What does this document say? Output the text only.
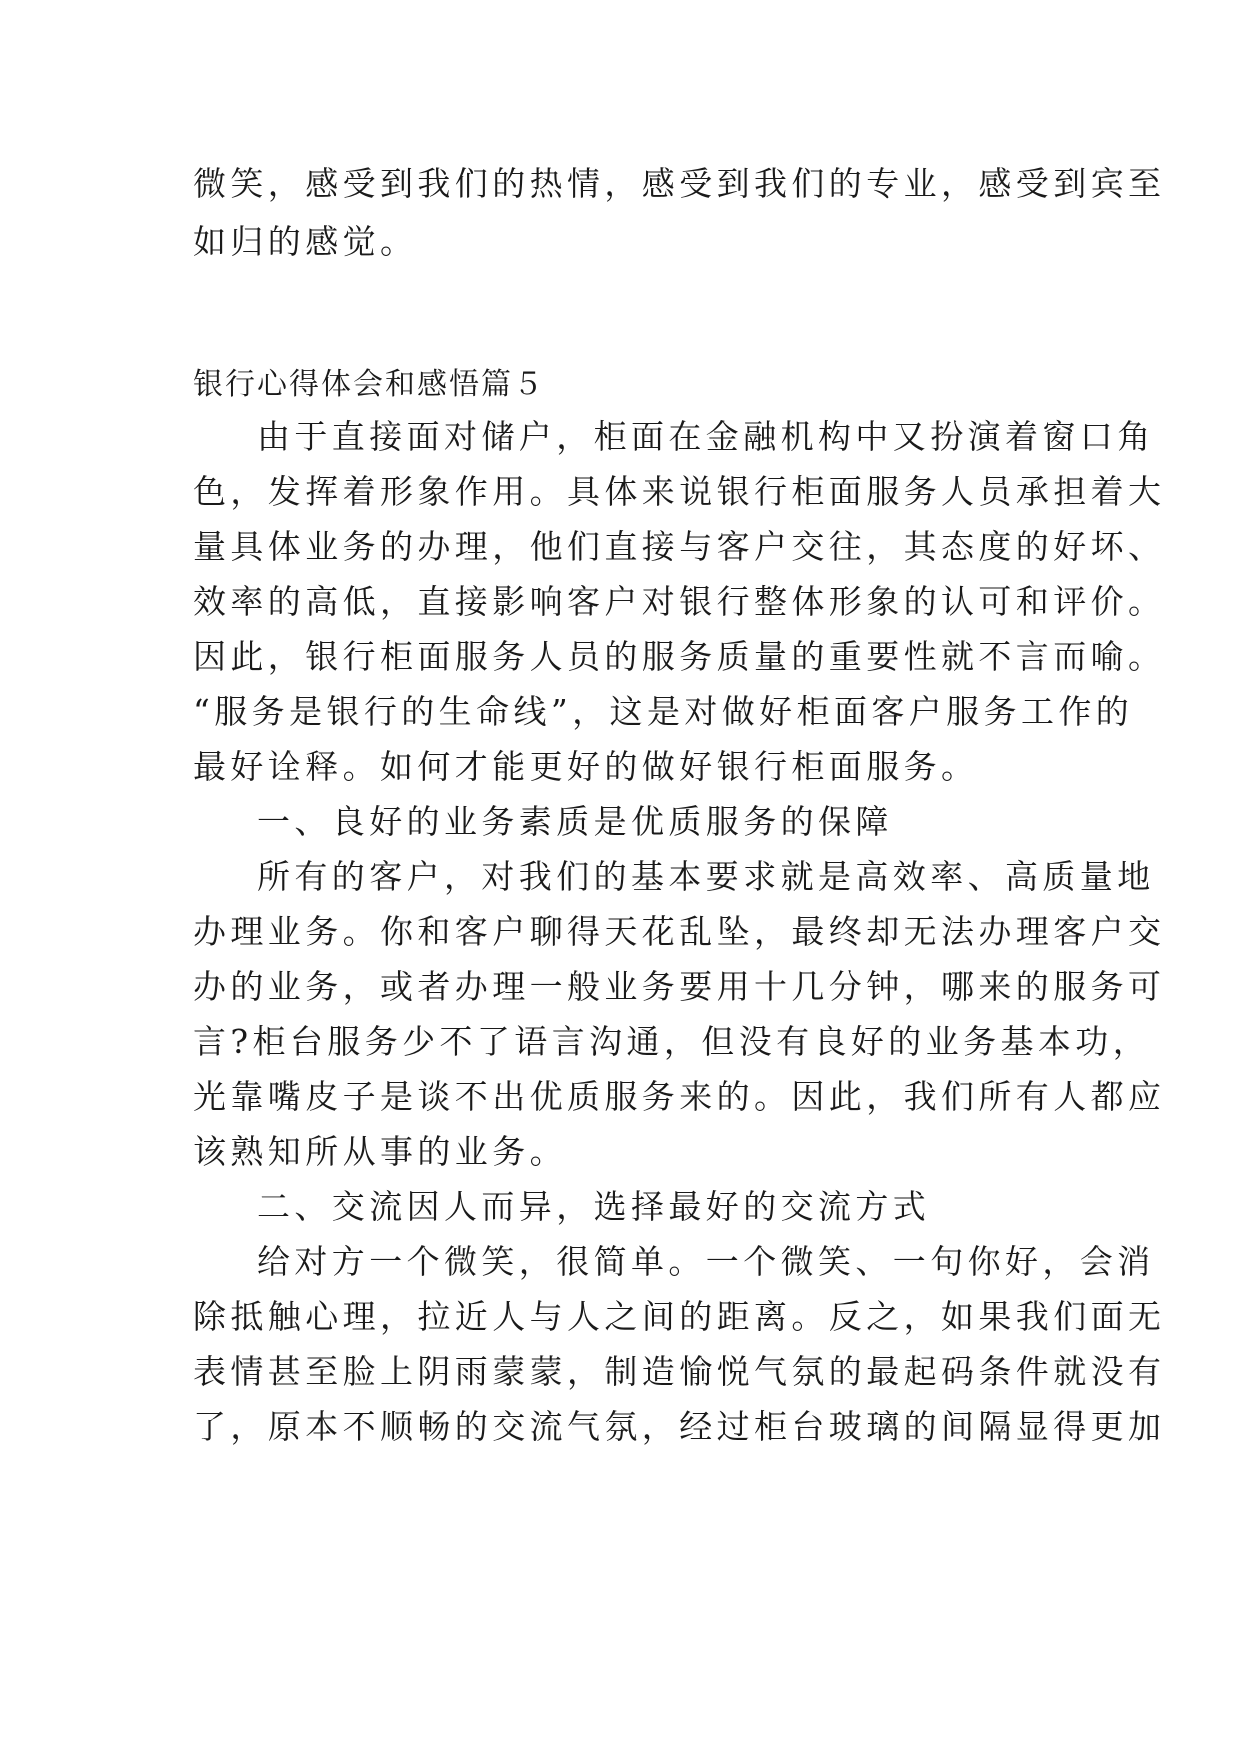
微笑，感受到我们的热情，感受到我们的专业，感受到宾至

如归的感觉。

银行心得体会和感悟篇５

由于直接面对储户，柜面在金融机构中又扮演着窗口角

色，发挥着形象作用。具体来说银行柜面服务人员承担着大

量具体业务的办理，他们直接与客户交往，其态度的好坏、

效率的高低，直接影响客户对银行整体形象的认可和评价。

因此，银行柜面服务人员的服务质量的重要性就不言而喻。

“服务是银行的生命线”，这是对做好柜面客户服务工作的

最好诠释。如何才能更好的做好银行柜面服务。

一、良好的业务素质是优质服务的保障

所有的客户，对我们的基本要求就是高效率、高质量地

办理业务。你和客户聊得天花乱坠，最终却无法办理客户交

办的业务，或者办理一般业务要用十几分钟，哪来的服务可

言?柜台服务少不了语言沟通，但没有良好的业务基本功，

光靠嘴皮子是谈不出优质服务来的。因此，我们所有人都应

该熟知所从事的业务。

二、交流因人而异，选择最好的交流方式

给对方一个微笑，很简单。一个微笑、一句你好，会消

除抵触心理，拉近人与人之间的距离。反之，如果我们面无

表情甚至脸上阴雨蒙蒙，制造愉悦气氛的最起码条件就没有

了，原本不顺畅的交流气氛，经过柜台玻璃的间隔显得更加
